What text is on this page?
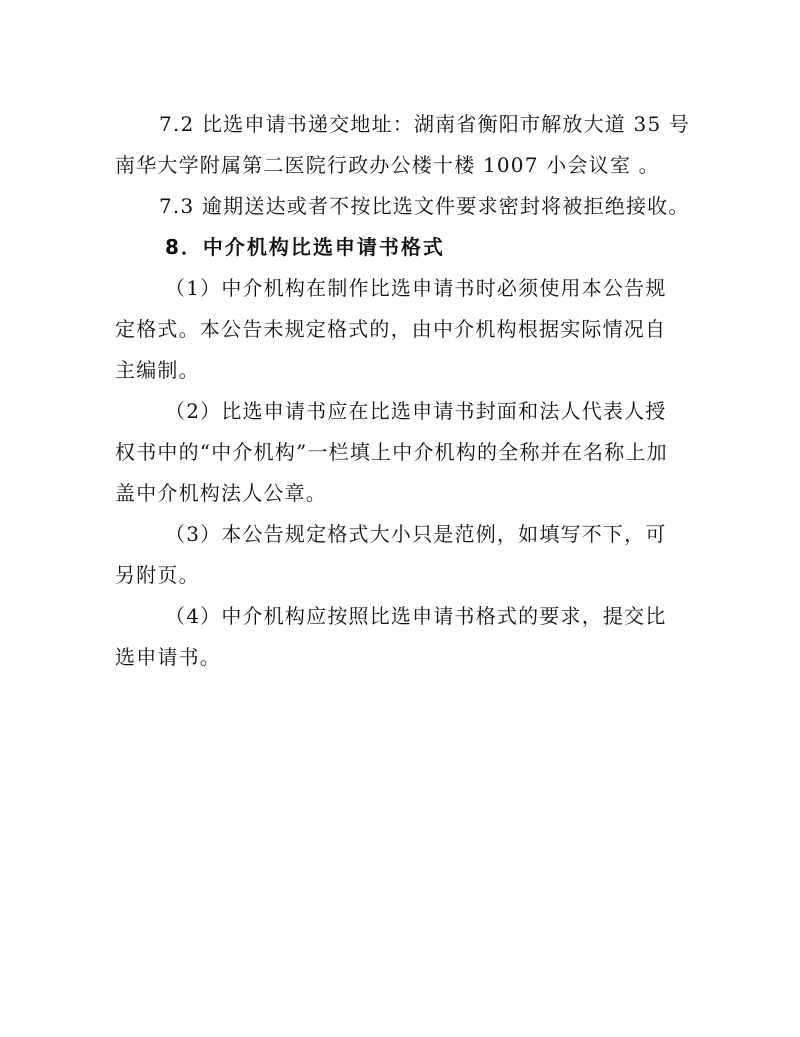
7.2 比选申请书递交地址：湖南省衡阳市解放大道 35 号
南华大学附属第二医院行政办公楼十楼 1007 小会议室 。
7.3 逾期送达或者不按比选文件要求密封将被拒绝接收。
8．中介机构比选申请书格式
（1）中介机构在制作比选申请书时必须使用本公告规
定格式。本公告未规定格式的，由中介机构根据实际情况自
主编制。
（2）比选申请书应在比选申请书封面和法人代表人授
权书中的“中介机构”一栏填上中介机构的全称并在名称上加
盖中介机构法人公章。
（3）本公告规定格式大小只是范例，如填写不下，可
另附页。
（4）中介机构应按照比选申请书格式的要求，提交比
选申请书。
